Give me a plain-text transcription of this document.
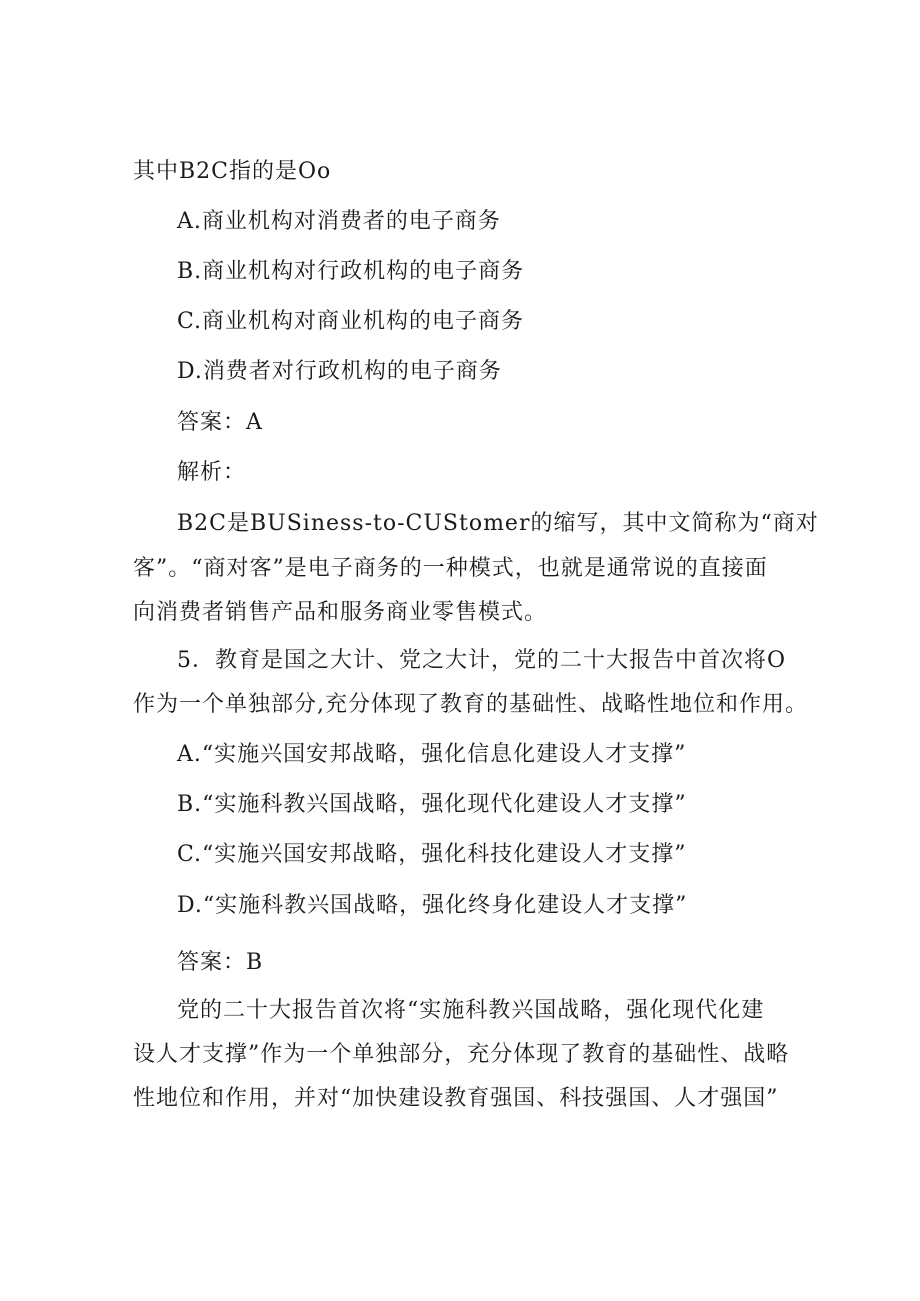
其中B2C指的是Oo
A.商业机构对消费者的电子商务
B.商业机构对行政机构的电子商务
C.商业机构对商业机构的电子商务
D.消费者对行政机构的电子商务
答案：A
解析：
B2C是BUSiness-to-CUStomer的缩写，其中文简称为“商对
客”。“商对客”是电子商务的一种模式，也就是通常说的直接面
向消费者销售产品和服务商业零售模式。
5．教育是国之大计、党之大计，党的二十大报告中首次将O
作为一个单独部分,充分体现了教育的基础性、战略性地位和作用。
A.“实施兴国安邦战略，强化信息化建设人才支撑”
B.“实施科教兴国战略，强化现代化建设人才支撑”
C.“实施兴国安邦战略，强化科技化建设人才支撑”
D.“实施科教兴国战略，强化终身化建设人才支撑”
答案：B
党的二十大报告首次将“实施科教兴国战略，强化现代化建
设人才支撑”作为一个单独部分，充分体现了教育的基础性、战略
性地位和作用，并对“加快建设教育强国、科技强国、人才强国”
